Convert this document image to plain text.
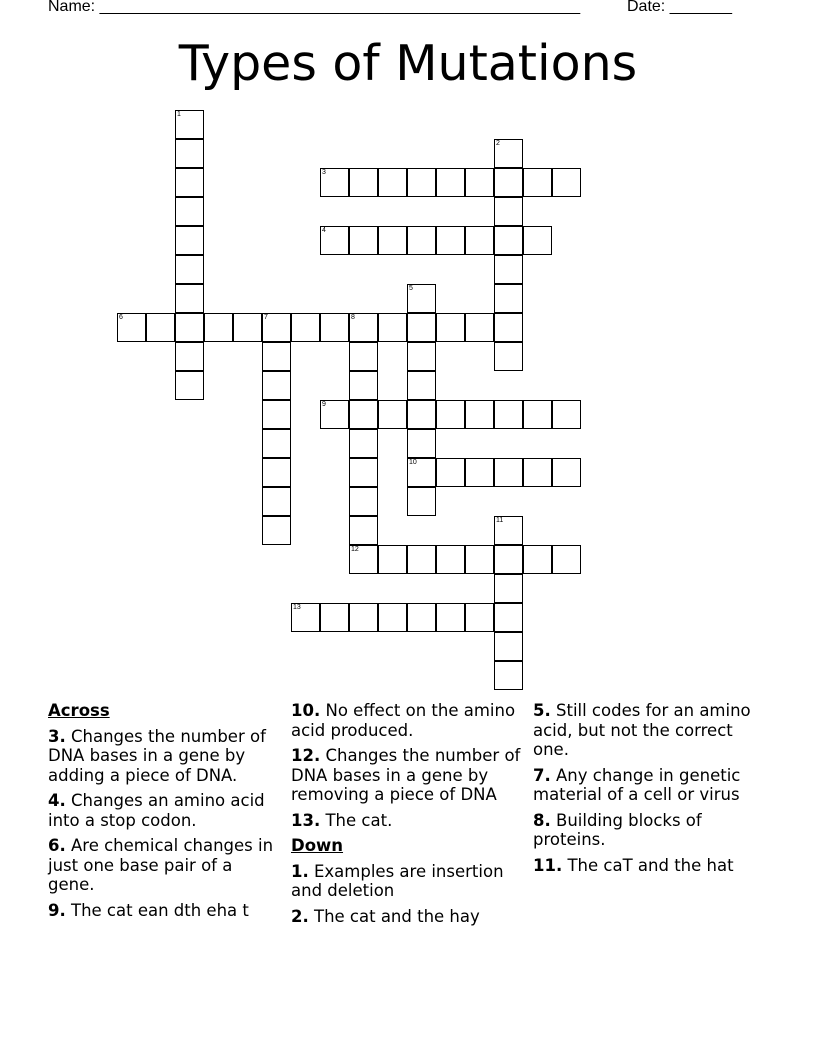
Name: ______________________________________________________	Date: _______
Types of Mutations
1
2
3
4
5
10
6	7	8
12
9
11
13
Across
3. Changes the number of DNA bases in a gene by adding a piece of DNA.
4. Changes an amino acid into a stop codon.
6. Are chemical changes in just one base pair of a gene.
9. The cat ean dth eha t
10. No effect on the amino acid produced.
12. Changes the number of DNA bases in a gene by removing a piece of DNA
13. The cat.
Down
1. Examples are insertion and deletion
2. The cat and the hay
5. Still codes for an amino acid, but not the correct one.
7. Any change in genetic material of a cell or virus
8. Building blocks of proteins.
11. The caT and the hat
